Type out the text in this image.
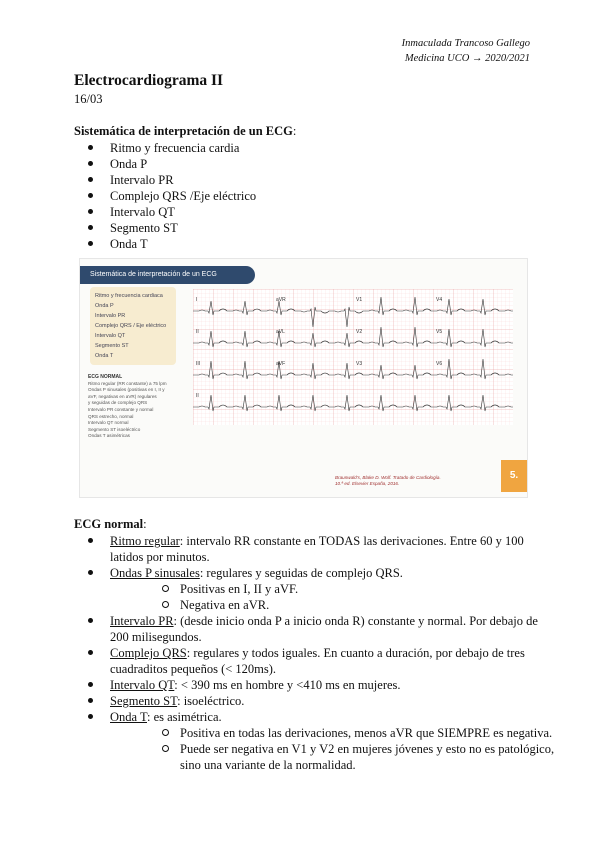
Inmaculada Trancoso Gallego
Medicina UCO → 2020/2021
Electrocardiograma II
16/03
Sistemática de interpretación de un ECG:
Ritmo y frecuencia cardia
Onda P
Intervalo PR
Complejo QRS /Eje eléctrico
Intervalo QT
Segmento ST
Onda T
Sistemática de interpretación de un ECG
Ritmo y frecuencia cardiaca
Onda P
Intervalo PR
Complejo QRS / Eje eléctrico
Intervalo QT
Segmento ST
Onda T
ECG NORMAL
Ritmo regular (RR constante) a 75 lpm
Ondas P sinusales (positivas en I, II y
aVF, negativas en aVR) regulares
y seguidas de complejo QRS
Intervalo PR constante y normal
QRS estrecho, normal
Intervalo QT normal
Segmento ST isoeléctrico
Ondas T asimétricas
I	aVR	V1	V4
II	aVL	V2	V5
III	aVF	V3	V6
II
Braunwald's, Blake D. Wolf. Tratado de Cardiología.
10.ª ed. Elsevier España, 2016.
5.
ECG normal:
Ritmo regular: intervalo RR constante en TODAS las derivaciones. Entre 60 y 100
latidos por minutos.
Ondas P sinusales: regulares y seguidas de complejo QRS.
Positivas en I, II y aVF.
Negativa en aVR.
Intervalo PR: (desde inicio onda P a inicio onda R) constante y normal. Por debajo de
200 milisegundos.
Complejo QRS: regulares y todos iguales. En cuanto a duración, por debajo de tres
cuadraditos pequeños (< 120ms).
Intervalo QT: < 390 ms en hombre y <410 ms en mujeres.
Segmento ST: isoeléctrico.
Onda T: es asimétrica.
Positiva en todas las derivaciones, menos aVR que SIEMPRE es negativa.
Puede ser negativa en V1 y V2 en mujeres jóvenes y esto no es patológico,
sino una variante de la normalidad.
